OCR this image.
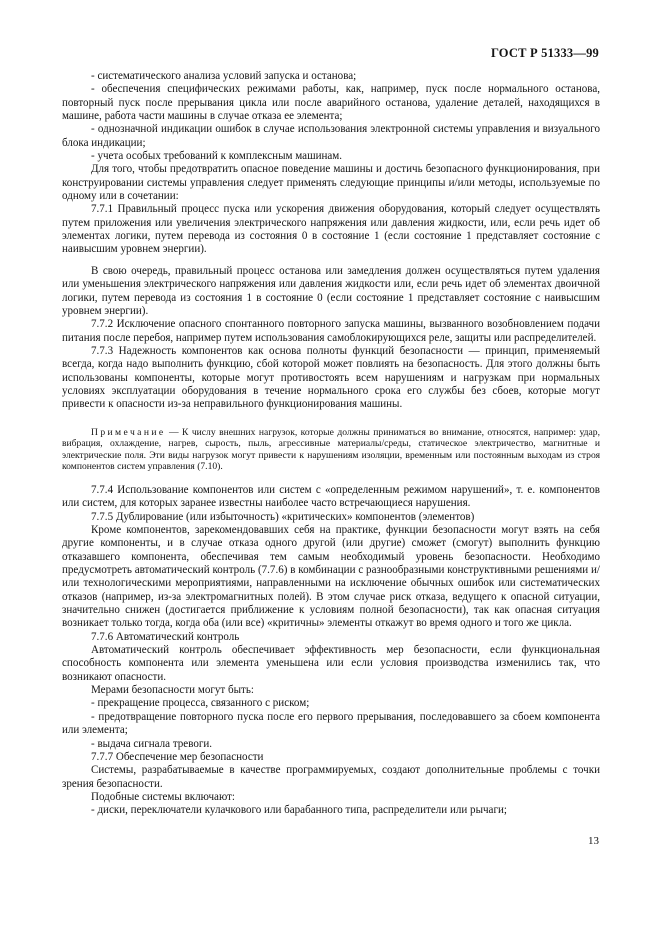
ГОСТ Р 51333—99

- систематического анализа условий запуска и останова;

- обеспечения специфических режимами работы, как, например, пуск после нормального останова, повторный пуск после прерывания цикла или после аварийного останова, удаление деталей, находящихся в машине, работа части машины в случае отказа ее элемента;

- однозначной индикации ошибок в случае использования электронной системы управления и визуального блока индикации;

- учета особых требований к комплексным машинам.

Для того, чтобы предотвратить опасное поведение машины и достичь безопасного функционирования, при конструировании системы управления следует применять следующие принципы и/или методы, используемые по одному или в сочетании:

7.7.1 Правильный процесс пуска или ускорения движения оборудования, который следует осуществлять путем приложения или увеличения электрического напряжения или давления жидкости, или, если речь идет об элементах логики, путем перевода из состояния 0 в состояние 1 (если состояние 1 представляет состояние с наивысшим уровнем энергии).

В свою очередь, правильный процесс останова или замедления должен осуществляться путем удаления или уменьшения электрического напряжения или давления жидкости или, если речь идет об элементах двоичной логики, путем перевода из состояния 1 в состояние 0 (если состояние 1 представляет состояние с наивысшим уровнем энергии).

7.7.2 Исключение опасного спонтанного повторного запуска машины, вызванного возобновлением подачи питания после перебоя, например путем использования самоблокирующихся реле, защиты или распределителей.

7.7.3 Надежность компонентов как основа полноты функций безопасности — принцип, применяемый всегда, когда надо выполнить функцию, сбой которой может повлиять на безопасность. Для этого должны быть использованы компоненты, которые могут противостоять всем нарушениям и нагрузкам при нормальных условиях эксплуатации оборудования в течение нормального срока его службы без сбоев, которые могут привести к опасности из-за неправильного функционирования машины.

Примечание — К числу внешних нагрузок, которые должны приниматься во внимание, относятся, например: удар, вибрация, охлаждение, нагрев, сырость, пыль, агрессивные материалы/среды, статическое электричество, магнитные и электрические поля. Эти виды нагрузок могут привести к нарушениям изоляции, временным или постоянным выходам из строя компонентов систем управления (7.10).

7.7.4 Использование компонентов или систем с «определенным режимом нарушений», т. е. компонентов или систем, для которых заранее известны наиболее часто встречающиеся нарушения.

7.7.5 Дублирование (или избыточность) «критических» компонентов (элементов)

Кроме компонентов, зарекомендовавших себя на практике, функции безопасности могут взять на себя другие компоненты, и в случае отказа одного другой (или другие) сможет (смогут) выполнить функцию отказавшего компонента, обеспечивая тем самым необходимый уровень безопасности. Необходимо предусмотреть автоматический контроль (7.7.6) в комбинации с разнообразными конструктивными решениями и/или технологическими мероприятиями, направленными на исключение обычных ошибок или систематических отказов (например, из-за электромагнитных полей). В этом случае риск отказа, ведущего к опасной ситуации, значительно снижен (достигается приближение к условиям полной безопасности), так как опасная ситуация возникает только тогда, когда оба (или все) «критичны» элементы откажут во время одного и того же цикла.

7.7.6 Автоматический контроль

Автоматический контроль обеспечивает эффективность мер безопасности, если функциональная способность компонента или элемента уменьшена или если условия производства изменились так, что возникают опасности.

Мерами безопасности могут быть:

- прекращение процесса, связанного с риском;

- предотвращение повторного пуска после его первого прерывания, последовавшего за сбоем компонента или элемента;

- выдача сигнала тревоги.

7.7.7 Обеспечение мер безопасности

Системы, разрабатываемые в качестве программируемых, создают дополнительные проблемы с точки зрения безопасности.

Подобные системы включают:

- диски, переключатели кулачкового или барабанного типа, распределители или рычаги;

13
